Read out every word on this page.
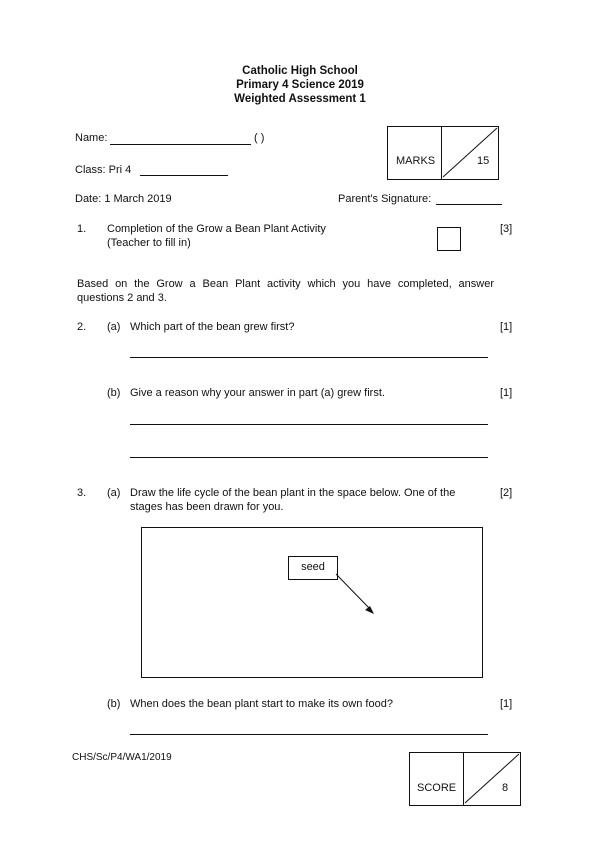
Catholic High School
Primary 4 Science 2019
Weighted Assessment 1
Name:	( )
Class: Pri 4
MARKS	15
Date: 1 March 2019	Parent's Signature:
1. Completion of the Grow a Bean Plant Activity
(Teacher to fill in)
[3]
Based on the Grow a Bean Plant activity which you have completed, answer
questions 2 and 3.
2. (a) Which part of the bean grew first?	[1]
(b) Give a reason why your answer in part (a) grew first.	[1]
3. (a) Draw the life cycle of the bean plant in the space below. One of the
stages has been drawn for you.
[2]
seed
(b) When does the bean plant start to make its own food?	[1]
CHS/Sc/P4/WA1/2019
SCORE	8
